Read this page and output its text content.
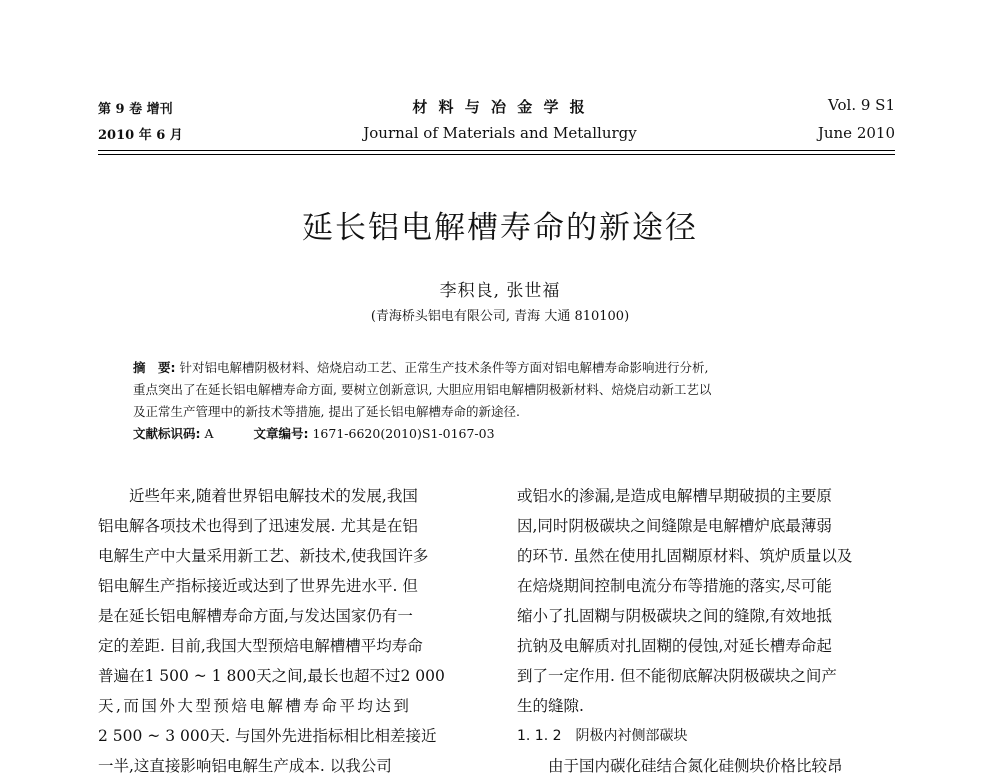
第 9 卷 增刊
2010 年 6 月
材 料 与 冶 金 学 报
Journal of Materials and Metallurgy
Vol. 9 S1
June 2010
延长铝电解槽寿命的新途径
李积良, 张世福
(青海桥头铝电有限公司, 青海 大通 810100)
摘　要: 针对铝电解槽阴极材料、焙烧启动工艺、正常生产技术条件等方面对铝电解槽寿命影响进行分析,
重点突出了在延长铝电解槽寿命方面, 要树立创新意识, 大胆应用铝电解槽阴极新材料、焙烧启动新工艺以
及正常生产管理中的新技术等措施, 提出了延长铝电解槽寿命的新途径.
文献标识码: A	文章编号: 1671-6620(2010)S1-0167-03
近些年来,随着世界铝电解技术的发展,我国
铝电解各项技术也得到了迅速发展. 尤其是在铝
电解生产中大量采用新工艺、新技术,使我国许多
铝电解生产指标接近或达到了世界先进水平. 但
是在延长铝电解槽寿命方面,与发达国家仍有一
定的差距. 目前,我国大型预焙电解槽槽平均寿命
普遍在1 500 ~ 1 800天之间,最长也超不过2 000
天,而国外大型预焙电解槽寿命平均达到
2 500 ~ 3 000天. 与国外先进指标相比相差接近
一半,这直接影响铝电解生产成本. 以我公司
或铝水的渗漏,是造成电解槽早期破损的主要原
因,同时阴极碳块之间缝隙是电解槽炉底最薄弱
的环节. 虽然在使用扎固糊原材料、筑炉质量以及
在焙烧期间控制电流分布等措施的落实,尽可能
缩小了扎固糊与阴极碳块之间的缝隙,有效地抵
抗钠及电解质对扎固糊的侵蚀,对延长槽寿命起
到了一定作用. 但不能彻底解决阴极碳块之间产
生的缝隙.
1. 1. 2　阴极内衬侧部碳块
由于国内碳化硅结合氮化硅侧块价格比较昂
